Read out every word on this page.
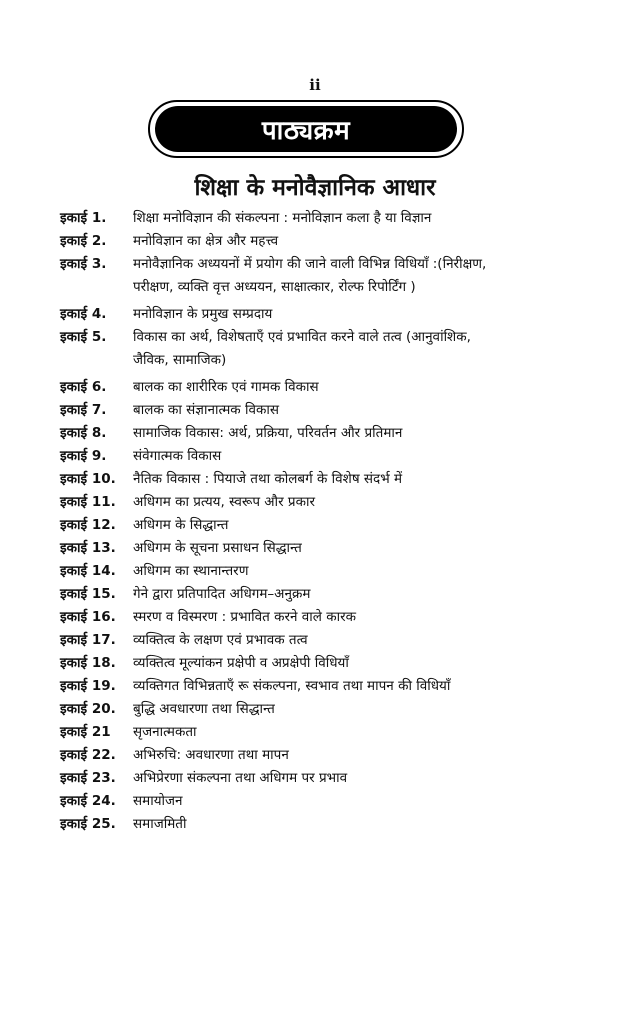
ii
पाठ्यक्रम
शिक्षा के मनोवैज्ञानिक आधार
इकाई 1.	शिक्षा मनोविज्ञान की संकल्पना : मनोविज्ञान कला है या विज्ञान
इकाई 2.	मनोविज्ञान का क्षेत्र और महत्त्व
इकाई 3.	मनोवैज्ञानिक अध्ययनों में प्रयोग की जाने वाली विभिन्न विधियाँ :(निरीक्षण,
परीक्षण, व्यक्ति वृत्त अध्ययन, साक्षात्कार, रोल्फ रिपोर्टिंग )
इकाई 4.	मनोविज्ञान के प्रमुख सम्प्रदाय
इकाई 5.	विकास का अर्थ, विशेषताएँ एवं प्रभावित करने वाले तत्व (आनुवांशिक,
जैविक, सामाजिक)
इकाई 6.	बालक का शारीरिक एवं गामक विकास
इकाई 7.	बालक का संज्ञानात्मक विकास
इकाई 8.	सामाजिक विकास: अर्थ, प्रक्रिया, परिवर्तन और प्रतिमान
इकाई 9.	संवेगात्मक विकास
इकाई 10.	नैतिक विकास : पियाजे तथा कोलबर्ग के विशेष संदर्भ में
इकाई 11.	अधिगम का प्रत्यय, स्वरूप और प्रकार
इकाई 12.	अधिगम के सिद्धान्त
इकाई 13.	अधिगम के सूचना प्रसाधन सिद्धान्त
इकाई 14.	अधिगम का स्थानान्तरण
इकाई 15.	गेने द्वारा प्रतिपादित अधिगम–अनुक्रम
इकाई 16.	स्मरण व विस्मरण : प्रभावित करने वाले कारक
इकाई 17.	व्यक्तित्व के लक्षण एवं प्रभावक तत्व
इकाई 18.	व्यक्तित्व मूल्यांकन प्रक्षेपी व अप्रक्षेपी विधियाँ
इकाई 19.	व्यक्तिगत विभिन्नताएँ रू संकल्पना, स्वभाव तथा मापन की विधियाँ
इकाई 20.	बुद्धि अवधारणा तथा सिद्धान्त
इकाई 21	सृजनात्मकता
इकाई 22.	अभिरुचि: अवधारणा तथा मापन
इकाई 23.	अभिप्रेरणा संकल्पना तथा अधिगम पर प्रभाव
इकाई 24.	समायोजन
इकाई 25.	समाजमिती
